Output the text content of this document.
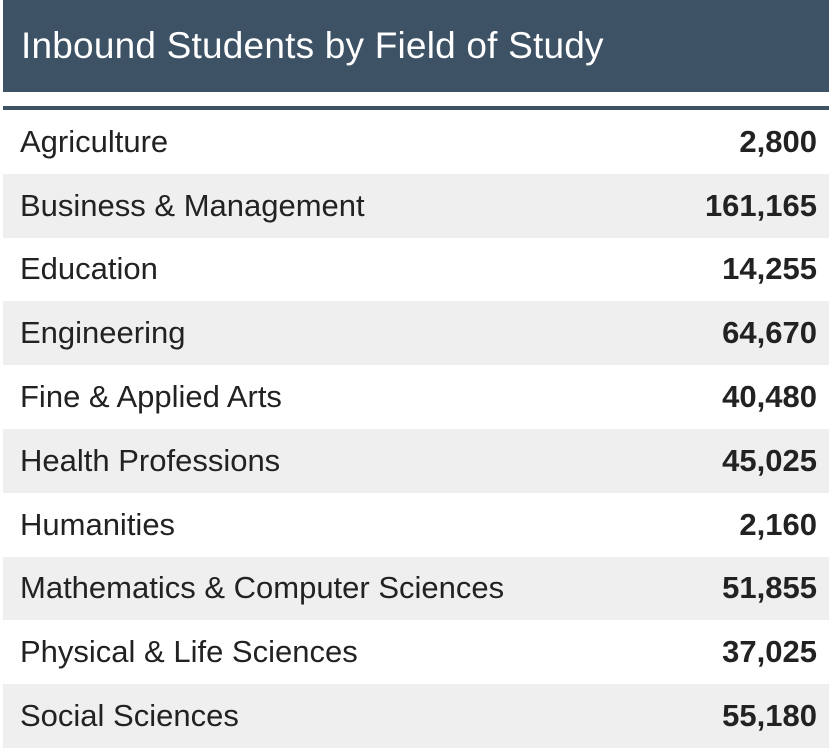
Inbound Students by Field of Study
Agriculture	2,800
Business & Management	161,165
Education	14,255
Engineering	64,670
Fine & Applied Arts	40,480
Health Professions	45,025
Humanities	2,160
Mathematics & Computer Sciences	51,855
Physical & Life Sciences	37,025
Social Sciences	55,180
